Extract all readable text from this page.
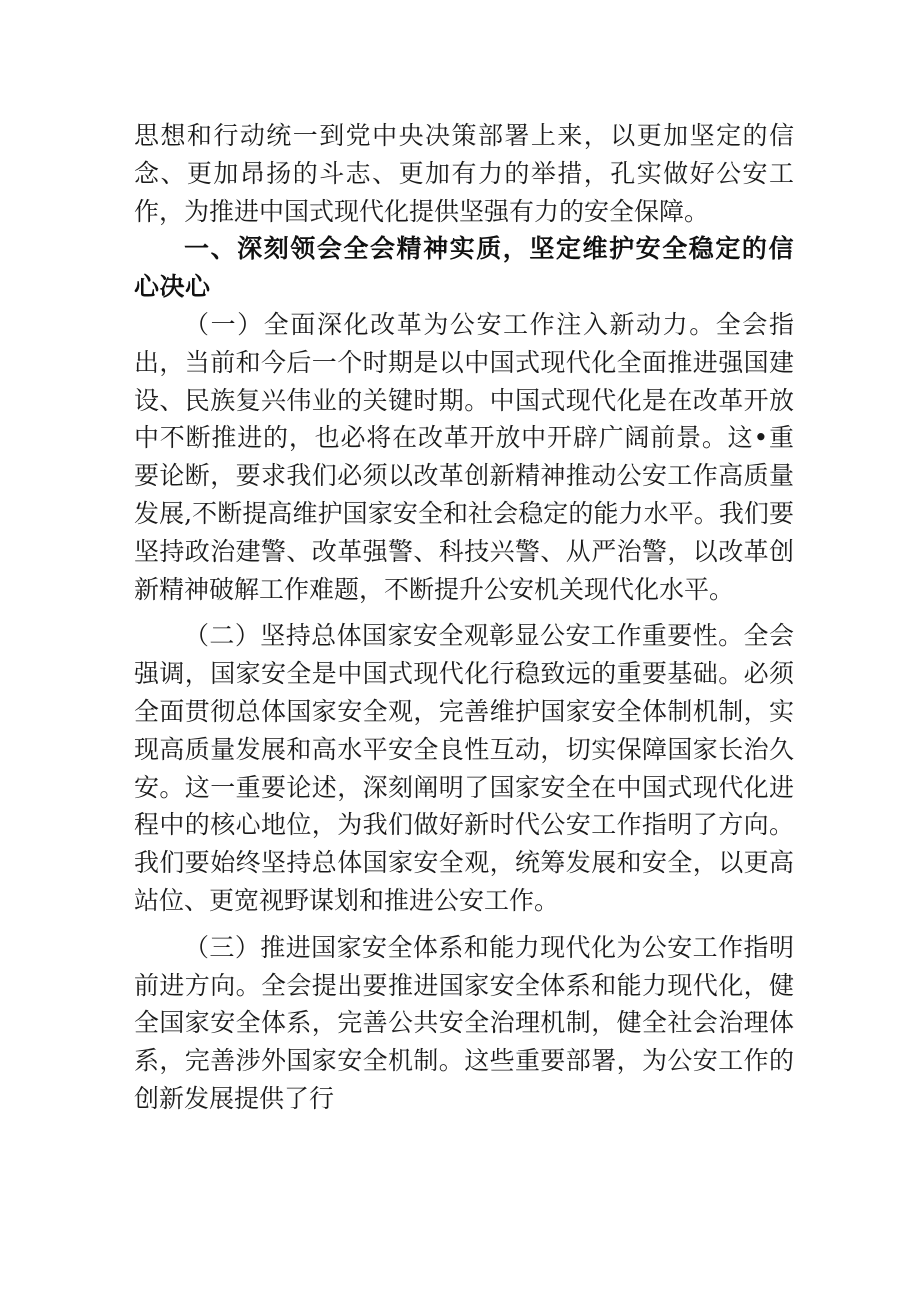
思想和行动统一到党中央决策部署上来，以更加坚定的信念、更加昂扬的斗志、更加有力的举措，孔实做好公安工作，为推进中国式现代化提供坚强有力的安全保障。

一、深刻领会全会精神实质，坚定维护安全稳定的信心决心

（一）全面深化改革为公安工作注入新动力。全会指出，当前和今后一个时期是以中国式现代化全面推进强国建设、民族复兴伟业的关键时期。中国式现代化是在改革开放中不断推进的，也必将在改革开放中开辟广阔前景。这•重要论断，要求我们必须以改革创新精神推动公安工作高质量发展,不断提高维护国家安全和社会稳定的能力水平。我们要坚持政治建警、改革强警、科技兴警、从严治警，以改革创新精神破解工作难题，不断提升公安机关现代化水平。

（二）坚持总体国家安全观彰显公安工作重要性。全会强调，国家安全是中国式现代化行稳致远的重要基础。必须全面贯彻总体国家安全观，完善维护国家安全体制机制，实现高质量发展和高水平安全良性互动，切实保障国家长治久安。这一重要论述，深刻阐明了国家安全在中国式现代化进程中的核心地位，为我们做好新时代公安工作指明了方向。我们要始终坚持总体国家安全观，统筹发展和安全，以更高站位、更宽视野谋划和推进公安工作。

（三）推进国家安全体系和能力现代化为公安工作指明前进方向。全会提出要推进国家安全体系和能力现代化，健全国家安全体系，完善公共安全治理机制，健全社会治理体系，完善涉外国家安全机制。这些重要部署，为公安工作的创新发展提供了行
